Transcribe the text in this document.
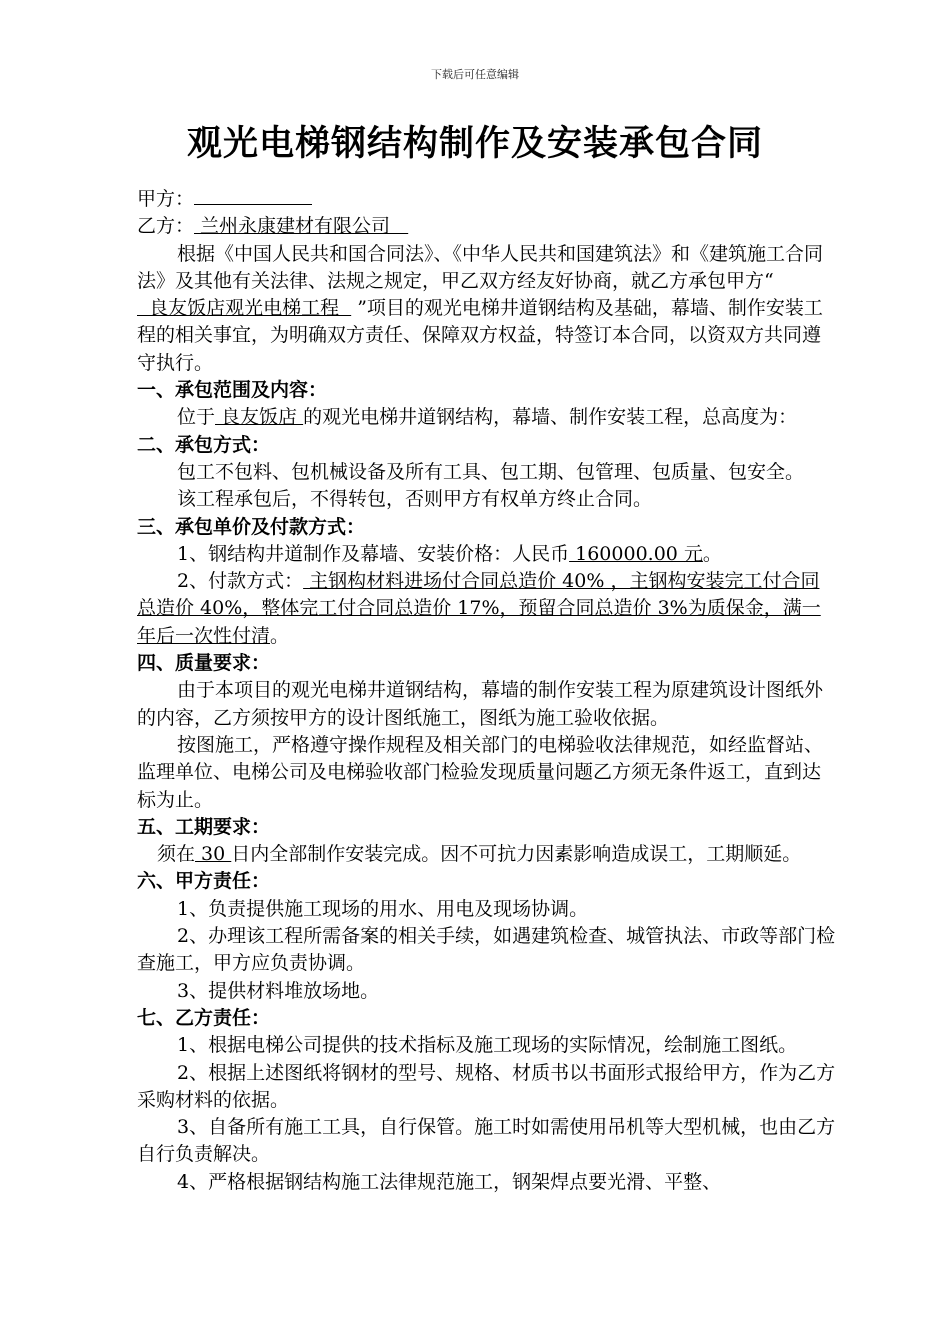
下载后可任意编辑
观光电梯钢结构制作及安装承包合同

甲方：

乙方： 兰州永康建材有限公司

根据《中国人民共和国合同法》、《中华人民共和国建筑法》和《建筑施工合同法》及其他有关法律、法规之规定，甲乙双方经友好协商，就乙方承包甲方“   良友饭店观光电梯工程   ”项目的观光电梯井道钢结构及基础，幕墙、制作安装工程的相关事宜，为明确双方责任、保障双方权益，特签订本合同，以资双方共同遵守执行。

一、承包范围及内容：

位于 良友饭店 的观光电梯井道钢结构，幕墙、制作安装工程，总高度为：

二、承包方式：

包工不包料、包机械设备及所有工具、包工期、包管理、包质量、包安全。

该工程承包后，不得转包，否则甲方有权单方终止合同。

三、承包单价及付款方式：

1、钢结构井道制作及幕墙、安装价格：人民币 160000.00 元。

2、付款方式： 主钢构材料进场付合同总造价 40% ，主钢构安装完工付合同总造价 40%，整体完工付合同总造价 17%，预留合同总造价 3%为质保金，满一年后一次性付清。

四、质量要求：

由于本项目的观光电梯井道钢结构，幕墙的制作安装工程为原建筑设计图纸外的内容，乙方须按甲方的设计图纸施工，图纸为施工验收依据。

按图施工，严格遵守操作规程及相关部门的电梯验收法律规范，如经监督站、监理单位、电梯公司及电梯验收部门检验发现质量问题乙方须无条件返工，直到达标为止。

五、工期要求：

须在 30 日内全部制作安装完成。因不可抗力因素影响造成误工，工期顺延。

六、甲方责任：

1、负责提供施工现场的用水、用电及现场协调。

2、办理该工程所需备案的相关手续，如遇建筑检查、城管执法、市政等部门检查施工，甲方应负责协调。

3、提供材料堆放场地。

七、乙方责任：

1、根据电梯公司提供的技术指标及施工现场的实际情况，绘制施工图纸。

2、根据上述图纸将钢材的型号、规格、材质书以书面形式报给甲方，作为乙方采购材料的依据。

3、自备所有施工工具，自行保管。施工时如需使用吊机等大型机械，也由乙方自行负责解决。

4、严格根据钢结构施工法律规范施工，钢架焊点要光滑、平整、
